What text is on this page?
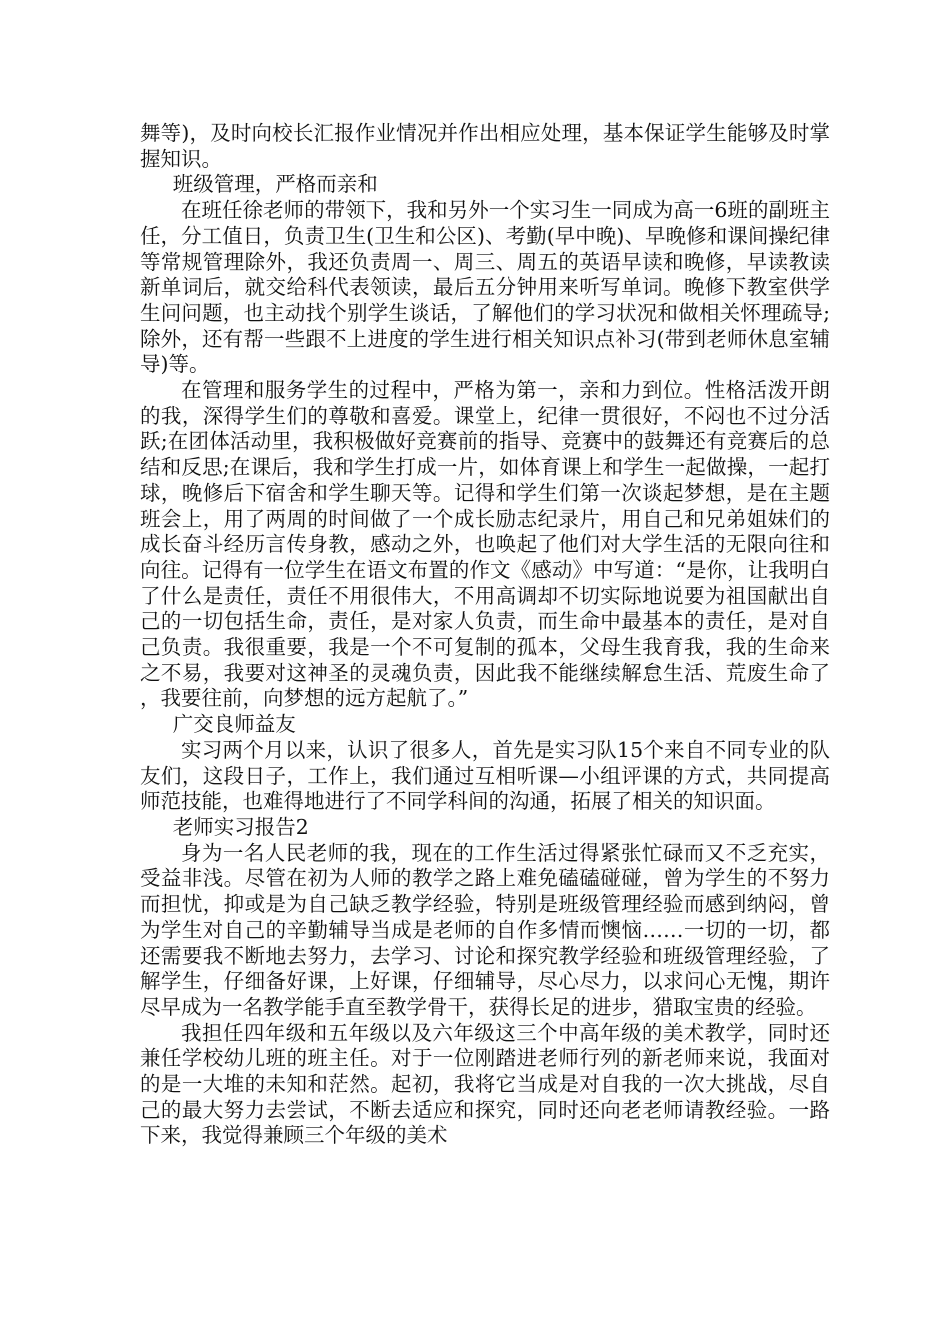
舞等)，及时向校长汇报作业情况并作出相应处理，基本保证学生能够及时掌握知识。

班级管理，严格而亲和

在班任徐老师的带领下，我和另外一个实习生一同成为高一6班的副班主任，分工值日，负责卫生(卫生和公区)、考勤(早中晚)、早晚修和课间操纪律等常规管理除外，我还负责周一、周三、周五的英语早读和晚修，早读教读新单词后，就交给科代表领读，最后五分钟用来听写单词。晚修下教室供学生问问题，也主动找个别学生谈话，了解他们的学习状况和做相关怀理疏导;除外，还有帮一些跟不上进度的学生进行相关知识点补习(带到老师休息室辅导)等。

在管理和服务学生的过程中，严格为第一，亲和力到位。性格活泼开朗的我，深得学生们的尊敬和喜爱。课堂上，纪律一贯很好，不闷也不过分活跃;在团体活动里，我积极做好竞赛前的指导、竞赛中的鼓舞还有竞赛后的总结和反思;在课后，我和学生打成一片，如体育课上和学生一起做操，一起打球，晚修后下宿舍和学生聊天等。记得和学生们第一次谈起梦想，是在主题班会上，用了两周的时间做了一个成长励志纪录片，用自己和兄弟姐妹们的成长奋斗经历言传身教，感动之外，也唤起了他们对大学生活的无限向往和向往。记得有一位学生在语文布置的作文《感动》中写道：“是你，让我明白了什么是责任，责任不用很伟大，不用高调却不切实际地说要为祖国献出自己的一切包括生命，责任，是对家人负责，而生命中最基本的责任，是对自己负责。我很重要，我是一个不可复制的孤本，父母生我育我，我的生命来之不易，我要对这神圣的灵魂负责，因此我不能继续解怠生活、荒废生命了，我要往前，向梦想的远方起航了。”

广交良师益友

实习两个月以来，认识了很多人，首先是实习队15个来自不同专业的队友们，这段日子，工作上，我们通过互相听课—小组评课的方式，共同提高师范技能，也难得地进行了不同学科间的沟通，拓展了相关的知识面。

老师实习报告2

身为一名人民老师的我，现在的工作生活过得紧张忙碌而又不乏充实，受益非浅。尽管在初为人师的教学之路上难免磕磕碰碰，曾为学生的不努力而担忧，抑或是为自己缺乏教学经验，特别是班级管理经验而感到纳闷，曾为学生对自己的辛勤辅导当成是老师的自作多情而懊恼……一切的一切，都还需要我不断地去努力，去学习、讨论和探究教学经验和班级管理经验，了解学生，仔细备好课，上好课，仔细辅导，尽心尽力，以求问心无愧，期许尽早成为一名教学能手直至教学骨干，获得长足的进步，猎取宝贵的经验。

我担任四年级和五年级以及六年级这三个中高年级的美术教学，同时还兼任学校幼儿班的班主任。对于一位刚踏进老师行列的新老师来说，我面对的是一大堆的未知和茫然。起初，我将它当成是对自我的一次大挑战，尽自己的最大努力去尝试，不断去适应和探究，同时还向老老师请教经验。一路下来，我觉得兼顾三个年级的美术
